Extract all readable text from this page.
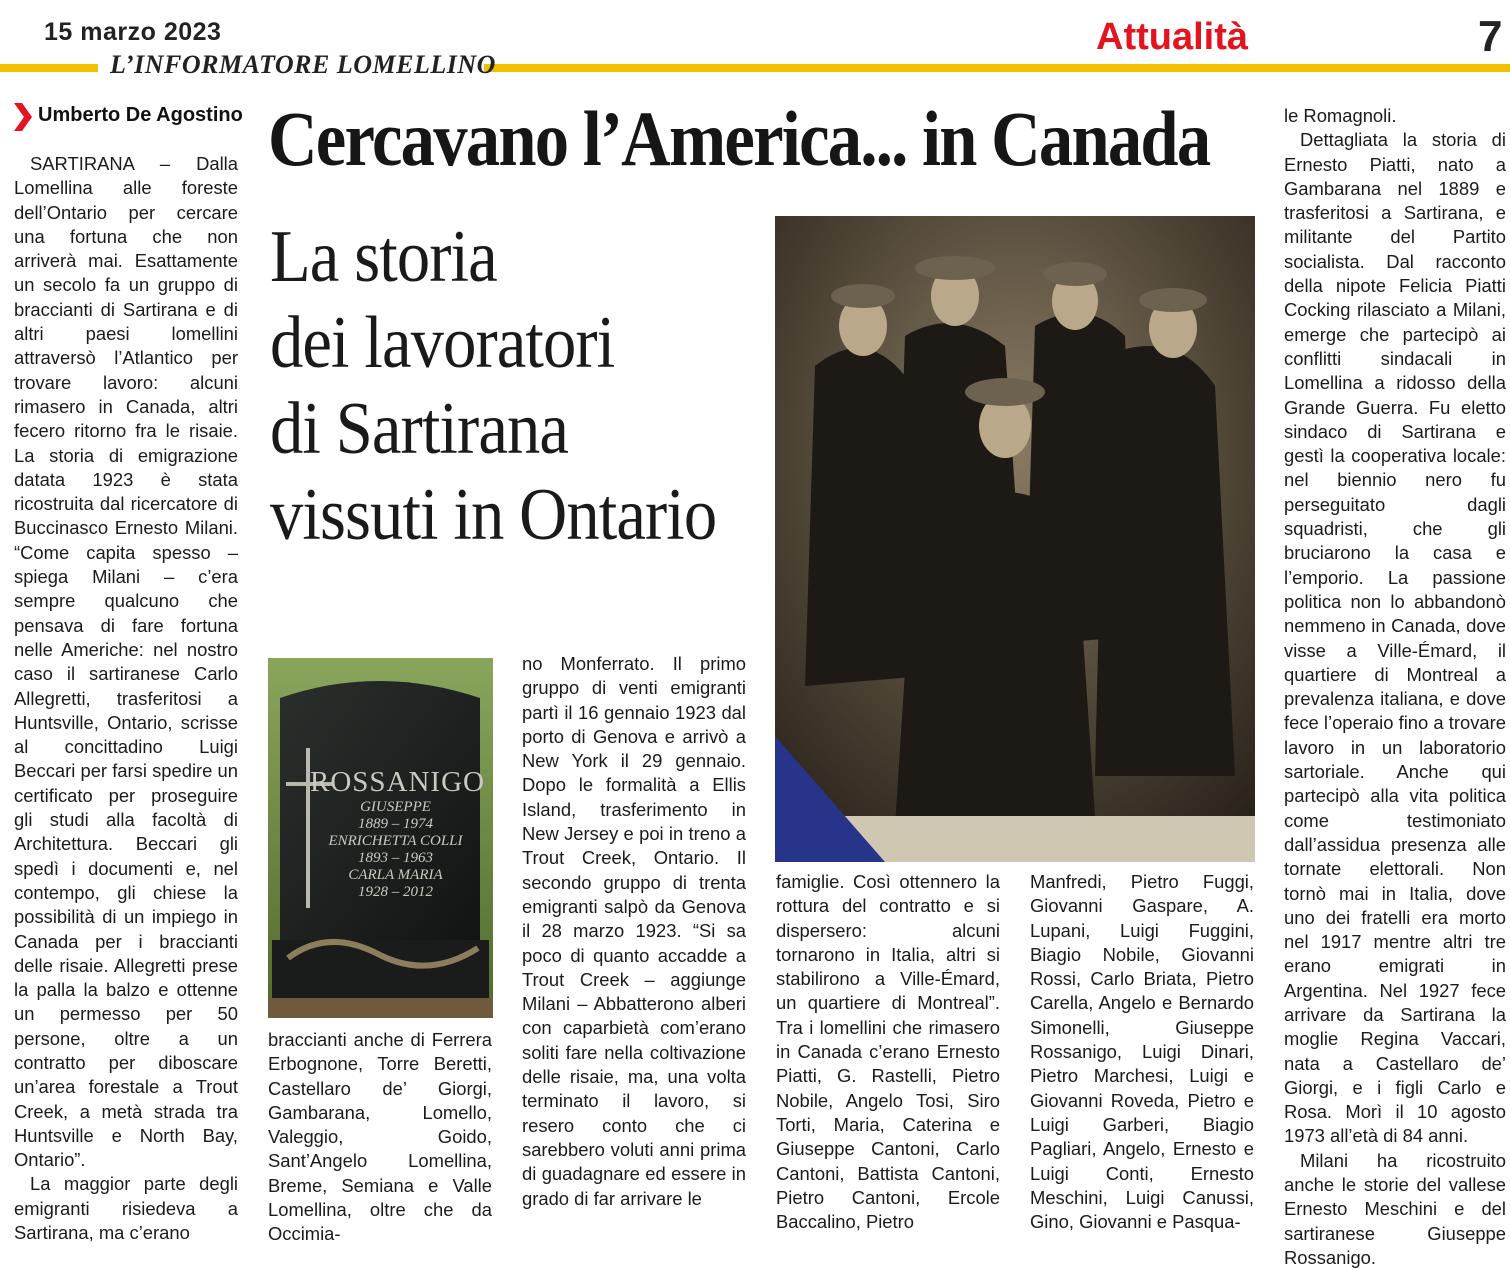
15 marzo 2023
L’INFORMATORE LOMELLINO
Attualità	7
Umberto De Agostino Cercavano l’America... in Canada
La storia
dei lavoratori
di Sartirana
vissuti in Ontario

SARTIRANA – Dalla Lomellina alle foreste dell’Ontario per cercare una fortuna che non arriverà mai. Esattamente un secolo fa un gruppo di braccianti di Sartirana e di altri paesi lomellini attraversò l’Atlantico per trovare lavoro: alcuni rimasero in Canada, altri fecero ritorno fra le risaie. La storia di emigrazione datata 1923 è stata ricostruita dal ricercatore di Buccinasco Ernesto Milani. “Come capita spesso – spiega Milani – c’era sempre qualcuno che pensava di fare fortuna nelle Americhe: nel nostro caso il sartiranese Carlo Allegretti, trasferitosi a Huntsville, Ontario, scrisse al concittadino Luigi Beccari per farsi spedire un certificato per proseguire gli studi alla facoltà di Architettura. Beccari gli spedì i documenti e, nel contempo, gli chiese la possibilità di un impiego in Canada per i braccianti delle risaie. Allegretti prese la palla la balzo e ottenne un permesso per 50 persone, oltre a un contratto per diboscare un’area forestale a Trout Creek, a metà strada tra Huntsville e North Bay, Ontario”.

La maggior parte degli emigranti risiedeva a Sartirana, ma c’erano

ROSSANIGO
GIUSEPPE
1889 – 1974
ENRICHETTA COLLI
1893 – 1963
CARLA MARIA
1928 – 2012

braccianti anche di Ferrera Erbognone, Torre Beretti, Castellaro de’ Giorgi, Gambarana, Lomello, Valeggio, Goido, Sant’Angelo Lomellina, Breme, Semiana e Valle Lomellina, oltre che da Occimia-

no Monferrato. Il primo gruppo di venti emigranti partì il 16 gennaio 1923 dal porto di Genova e arrivò a New York il 29 gennaio. Dopo le formalità a Ellis Island, trasferimento in New Jersey e poi in treno a Trout Creek, Ontario. Il secondo gruppo di trenta emigranti salpò da Genova il 28 marzo 1923. “Si sa poco di quanto accadde a Trout Creek – aggiunge Milani – Abbatterono alberi con caparbietà com’erano soliti fare nella coltivazione delle risaie, ma, una volta terminato il lavoro, si resero conto che ci sarebbero voluti anni prima di guadagnare ed essere in grado di far arrivare le

famiglie. Così ottennero la rottura del contratto e si dispersero: alcuni tornarono in Italia, altri si stabilirono a Ville-Émard, un quartiere di Montreal”. Tra i lomellini che rimasero in Canada c’erano Ernesto Piatti, G. Rastelli, Pietro Nobile, Angelo Tosi, Siro Torti, Maria, Caterina e Giuseppe Cantoni, Carlo Cantoni, Battista Cantoni, Pietro Cantoni, Ercole Baccalino, Pietro

Manfredi, Pietro Fuggi, Giovanni Gaspare, A. Lupani, Luigi Fuggini, Biagio Nobile, Giovanni Rossi, Carlo Briata, Pietro Carella, Angelo e Bernardo Simonelli, Giuseppe Rossanigo, Luigi Dinari, Pietro Marchesi, Luigi e Giovanni Roveda, Pietro e Luigi Garberi, Biagio Pagliari, Angelo, Ernesto e Luigi Conti, Ernesto Meschini, Luigi Canussi, Gino, Giovanni e Pasqua-

le Romagnoli.

Dettagliata la storia di Ernesto Piatti, nato a Gambarana nel 1889 e trasferitosi a Sartirana, e militante del Partito socialista. Dal racconto della nipote Felicia Piatti Cocking rilasciato a Milani, emerge che partecipò ai conflitti sindacali in Lomellina a ridosso della Grande Guerra. Fu eletto sindaco di Sartirana e gestì la cooperativa locale: nel biennio nero fu perseguitato dagli squadristi, che gli bruciarono la casa e l’emporio. La passione politica non lo abbandonò nemmeno in Canada, dove visse a Ville-Émard, il quartiere di Montreal a prevalenza italiana, e dove fece l’operaio fino a trovare lavoro in un laboratorio sartoriale. Anche qui partecipò alla vita politica come testimoniato dall’assidua presenza alle tornate elettorali. Non tornò mai in Italia, dove uno dei fratelli era morto nel 1917 mentre altri tre erano emigrati in Argentina. Nel 1927 fece arrivare da Sartirana la moglie Regina Vaccari, nata a Castellaro de’ Giorgi, e i figli Carlo e Rosa. Morì il 10 agosto 1973 all’età di 84 anni.

Milani ha ricostruito anche le storie del vallese Ernesto Meschini e del sartiranese Giuseppe Rossanigo.
